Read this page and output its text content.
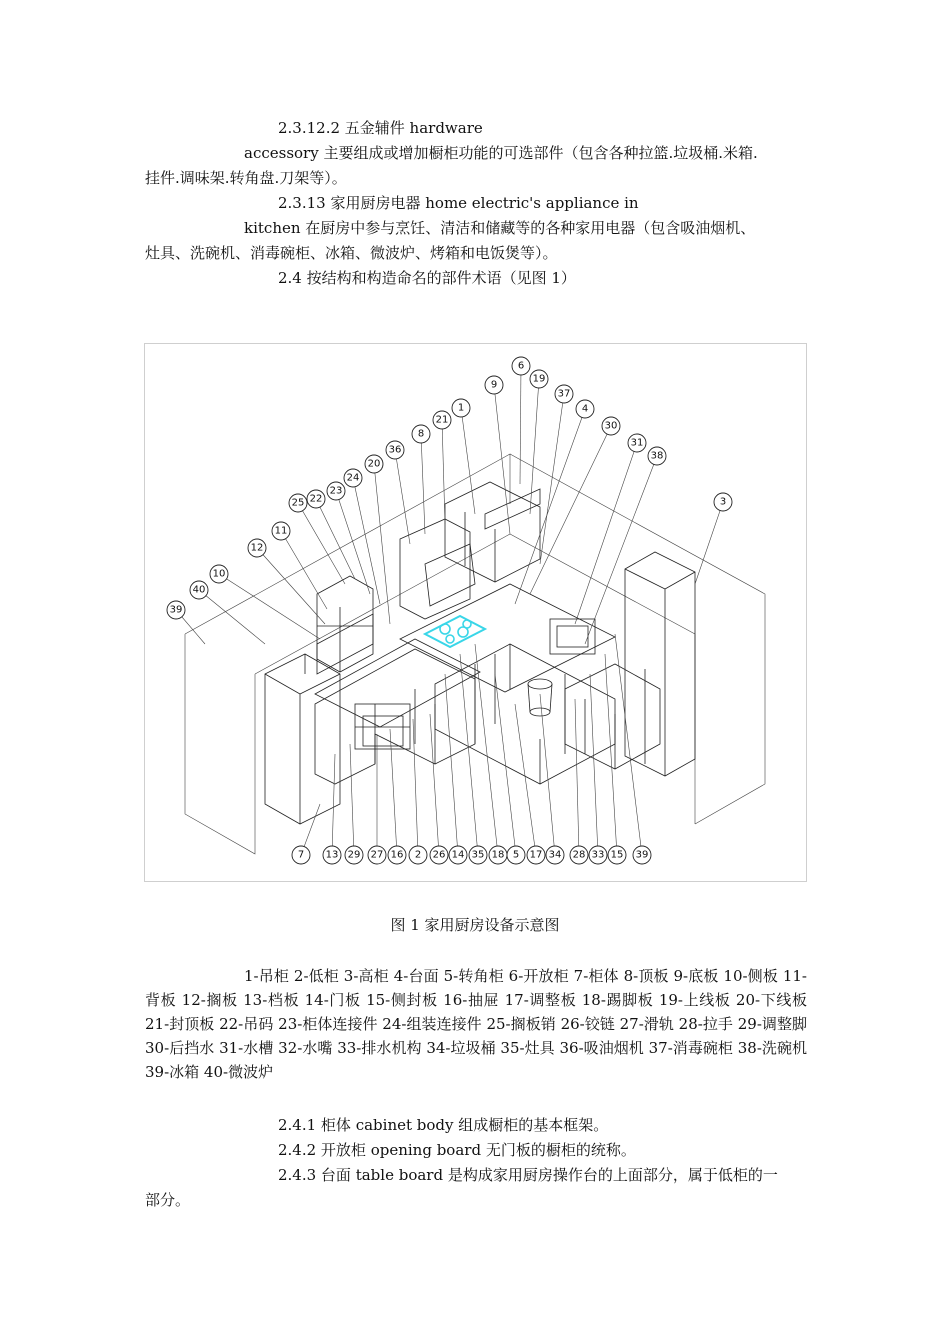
2.3.12.2 五金辅件 hardware
accessory 主要组成或增加橱柜功能的可选部件（包含各种拉篮.垃圾桶.米箱.
挂件.调味架.转角盘.刀架等）。
2.3.13 家用厨房电器 home electric's appliance in
kitchen 在厨房中参与烹饪、清洁和储藏等的各种家用电器（包含吸油烟机、
灶具、洗碗机、消毒碗柜、冰箱、微波炉、烤箱和电饭煲等）。
2.4 按结构和构造命名的部件术语（见图 1）
39
40
10
12
11
25 22
23
24
20
36
8
21
1
9
6
19
37
4
30
31
38
3
7 13 29 27 16 2 26 14 35 18 5 17 34 28 33 15 39
图 1 家用厨房设备示意图
1-吊柜 2-低柜 3-高柜 4-台面 5-转角柜 6-开放柜 7-柜体 8-顶板 9-底板 10-侧板 11-背板 12-搁板 13-档板 14-门板 15-侧封板 16-抽屉 17-调整板 18-踢脚板 19-上线板 20-下线板 21-封顶板 22-吊码 23-柜体连接件 24-组装连接件 25-搁板销 26-铰链 27-滑轨 28-拉手 29-调整脚 30-后挡水 31-水槽 32-水嘴 33-排水机构 34-垃圾桶 35-灶具 36-吸油烟机 37-消毒碗柜 38-洗碗机 39-冰箱 40-微波炉
2.4.1 柜体 cabinet body 组成橱柜的基本框架。
2.4.2 开放柜 opening board 无门板的橱柜的统称。
2.4.3 台面 table board 是构成家用厨房操作台的上面部分，属于低柜的一
部分。
